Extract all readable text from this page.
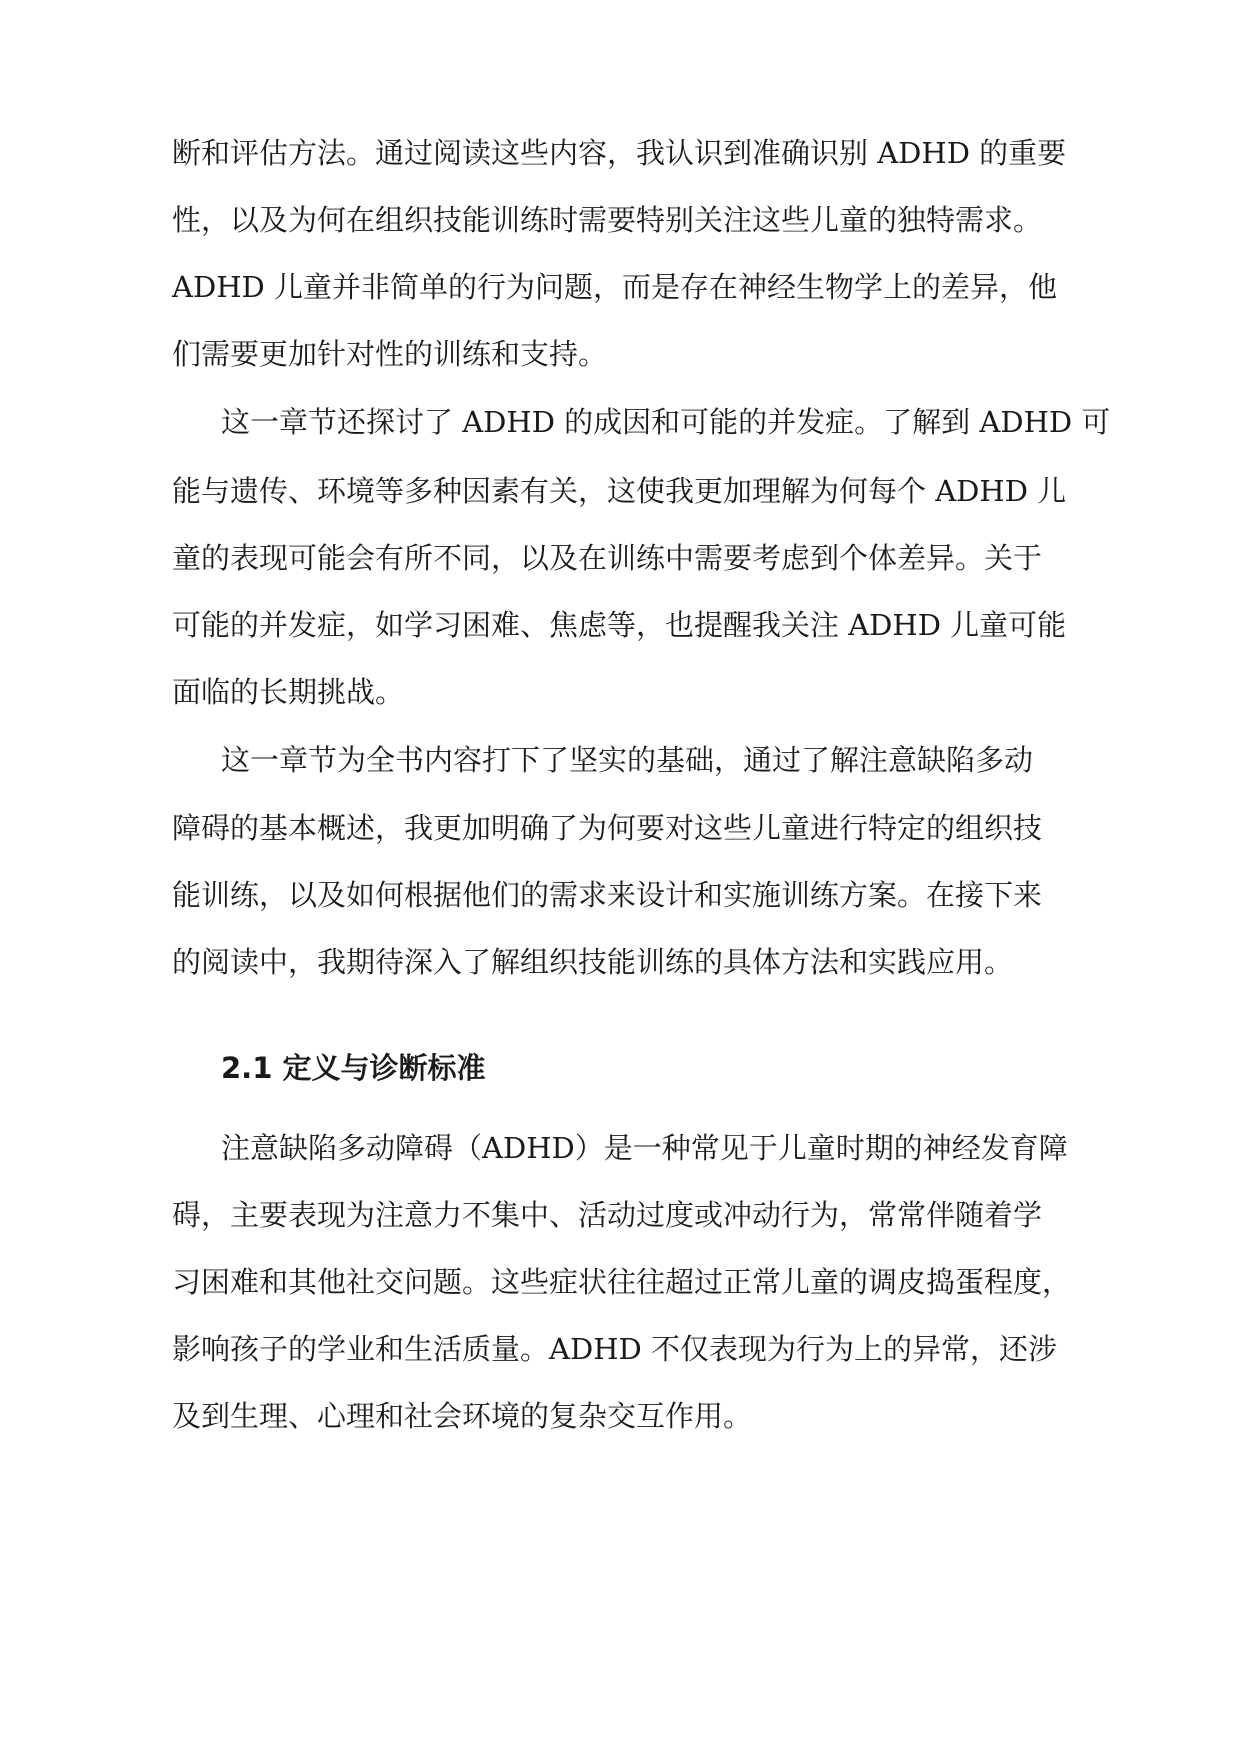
断和评估方法。通过阅读这些内容，我认识到准确识别 ADHD 的重要

性，以及为何在组织技能训练时需要特别关注这些儿童的独特需求。

ADHD 儿童并非简单的行为问题，而是存在神经生物学上的差异，他

们需要更加针对性的训练和支持。

这一章节还探讨了 ADHD 的成因和可能的并发症。了解到 ADHD 可

能与遗传、环境等多种因素有关，这使我更加理解为何每个 ADHD 儿

童的表现可能会有所不同，以及在训练中需要考虑到个体差异。关于

可能的并发症，如学习困难、焦虑等，也提醒我关注 ADHD 儿童可能

面临的长期挑战。

这一章节为全书内容打下了坚实的基础，通过了解注意缺陷多动

障碍的基本概述，我更加明确了为何要对这些儿童进行特定的组织技

能训练，以及如何根据他们的需求来设计和实施训练方案。在接下来

的阅读中，我期待深入了解组织技能训练的具体方法和实践应用。

2.1 定义与诊断标准

注意缺陷多动障碍（ADHD）是一种常见于儿童时期的神经发育障

碍，主要表现为注意力不集中、活动过度或冲动行为，常常伴随着学

习困难和其他社交问题。这些症状往往超过正常儿童的调皮捣蛋程度，

影响孩子的学业和生活质量。ADHD 不仅表现为行为上的异常，还涉

及到生理、心理和社会环境的复杂交互作用。
